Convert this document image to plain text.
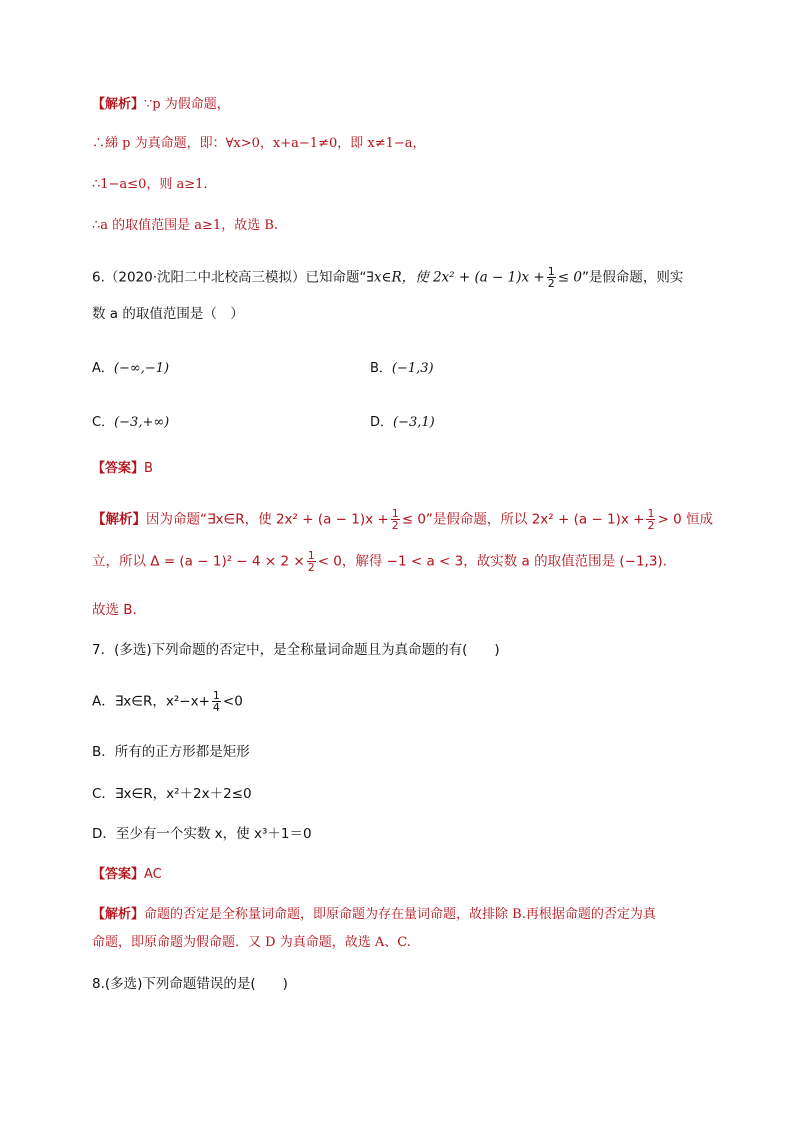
【解析】∵p 为假命题，
∴綈 p 为真命题，即：∀x>0，x+a−1≠0，即 x≠1−a，
∴1−a≤0，则 a≥1.
∴a 的取值范围是 a≥1，故选 B.
6.（2020·沈阳二中北校高三模拟）已知命题“∃x∈R，使 $2x^2 + (a - 1)x + \frac{1}{2} \le 0$”是假命题，则实
数 a 的取值范围是（　）
A．(−∞,−1)	B．(−1,3)
C．(−3,+∞)	D．(−3,1)
【答案】B
【解析】因为命题“∃x∈R，使 $2x^2 + (a - 1)x + \frac{1}{2} \le 0$”是假命题，所以 $2x^2 + (a - 1)x + \frac{1}{2} > 0$ 恒成
立，所以 $\Delta = (a - 1)^2 - 4 \times 2 \times \frac{1}{2} < 0$，解得 −1 < a < 3，故实数 a 的取值范围是 (−1,3).
故选 B.
7．(多选)下列命题的否定中，是全称量词命题且为真命题的有(　　)
A．∃x∈R，$x^2-x+ \frac{1}{4} <0$
B．所有的正方形都是矩形
C．∃x∈R，x²＋2x＋2≤0
D．至少有一个实数 x，使 x³＋1＝0
【答案】AC
【解析】命题的否定是全称量词命题，即原命题为存在量词命题，故排除 B.再根据命题的否定为真
命题，即原命题为假命题．又 D 为真命题，故选 A、C.
8.(多选)下列命题错误的是(　　)
